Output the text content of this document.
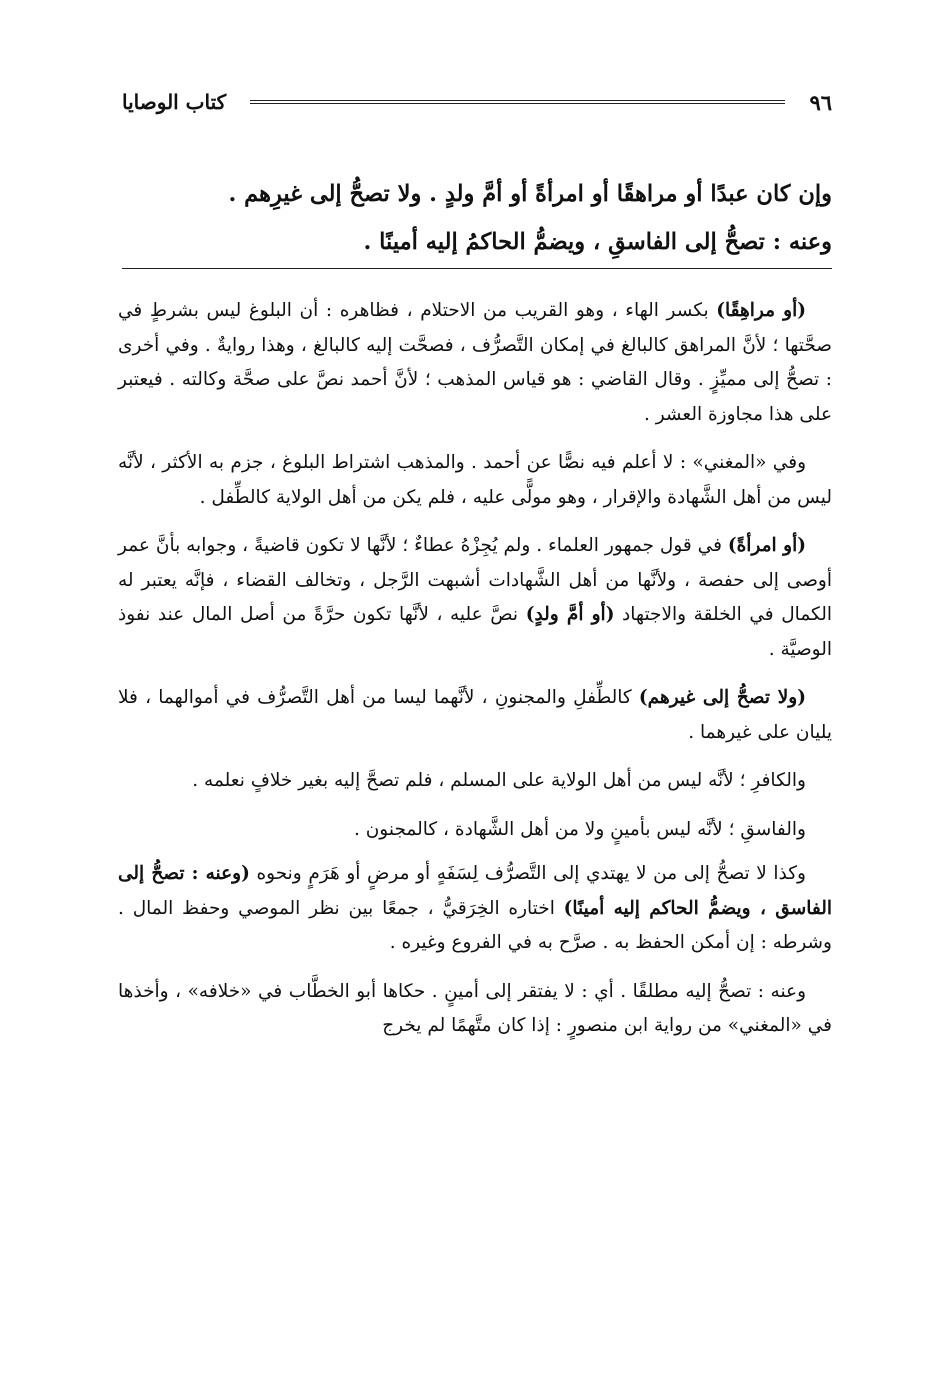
٩٦
كتاب الوصايا

وإن كان عبدًا أو مراهقًا أو امرأةً أو أمَّ ولدٍ . ولا تصحُّ إلى غيرِهم .

وعنه : تصحُّ إلى الفاسقِ ، ويضمُّ الحاكمُ إليه أمينًا .

(أو مراهِقًا) بكسر الهاء ، وهو القريب من الاحتلام ، فظاهره : أن البلوغ ليس بشرطٍ في صحَّتها ؛ لأنَّ المراهق كالبالغ في إمكان التَّصرُّف ، فصحَّت إليه كالبالغ ، وهذا روايةٌ . وفي أخرى : تصحُّ إلى مميِّزٍ . وقال القاضي : هو قياس المذهب ؛ لأنَّ أحمد نصَّ على صحَّة وكالته . فيعتبر على هذا مجاوزة العشر .

وفي «المغني» : لا أعلم فيه نصًّا عن أحمد . والمذهب اشتراط البلوغ ، جزم به الأكثر ، لأنَّه ليس من أهل الشَّهادة والإقرار ، وهو مولًّى عليه ، فلم يكن من أهل الولاية كالطِّفل .

(أو امرأةً) في قول جمهور العلماء . ولم يُجِزْهُ عطاءٌ ؛ لأنَّها لا تكون قاضيةً ، وجوابه بأنَّ عمر أوصى إلى حفصة ، ولأنَّها من أهل الشَّهادات أشبهت الرَّجل ، وتخالف القضاء ، فإنَّه يعتبر له الكمال في الخلقة والاجتهاد (أو أمَّ ولدٍ) نصَّ عليه ، لأنَّها تكون حرَّةً من أصل المال عند نفوذ الوصيَّة .

(ولا تصحُّ إلى غيرهم) كالطِّفلِ والمجنونِ ، لأنَّهما ليسا من أهل التَّصرُّف في أموالهما ، فلا يليان على غيرهما .

والكافرِ ؛ لأنَّه ليس من أهل الولاية على المسلم ، فلم تصحَّ إليه بغير خلافٍ نعلمه .

والفاسقِ ؛ لأنَّه ليس بأمينٍ ولا من أهل الشَّهادة ، كالمجنون .

وكذا لا تصحُّ إلى من لا يهتدي إلى التَّصرُّف لِسَفَهٍ أو مرضٍ أو هَرَمٍ ونحوه (وعنه : تصحُّ إلى الفاسق ، ويضمُّ الحاكم إليه أمينًا) اختاره الخِرَقيُّ ، جمعًا بين نظر الموصي وحفظ المال . وشرطه : إن أمكن الحفظ به . صرَّح به في الفروع وغيره .

وعنه : تصحُّ إليه مطلقًا . أي : لا يفتقر إلى أمينٍ . حكاها أبو الخطَّاب في «خلافه» ، وأخذها في «المغني» من رواية ابن منصورٍ : إذا كان متَّهمًا لم يخرج
